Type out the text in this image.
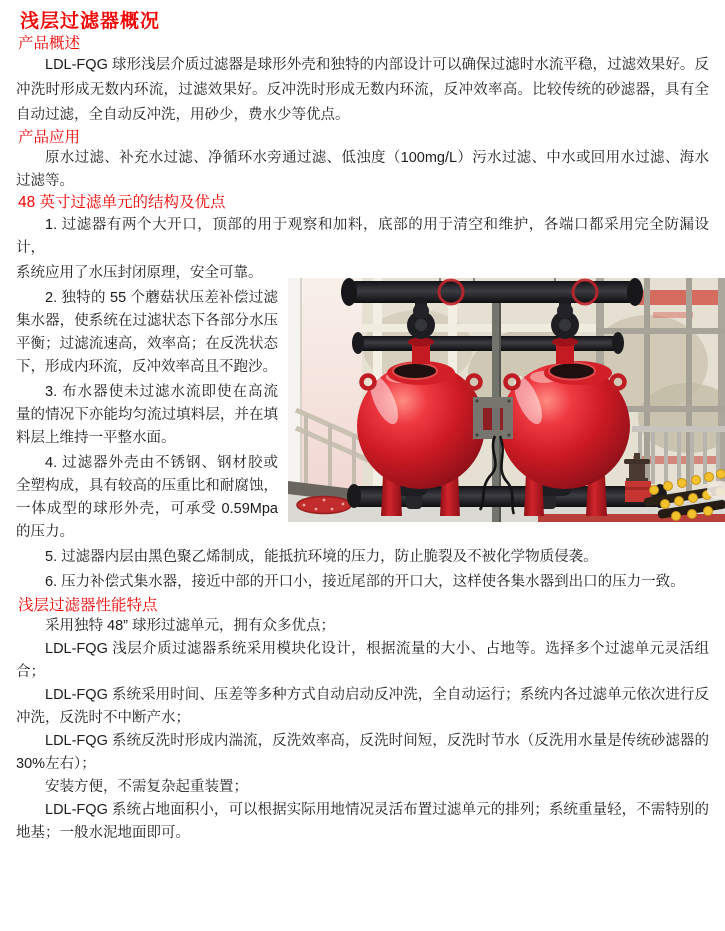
浅层过滤器概况
产品概述

LDL-FQG 球形浅层介质过滤器是球形外壳和独特的内部设计可以确保过滤时水流平稳，过滤效果好。反冲洗时形成无数内环流，过滤效果好。反冲洗时形成无数内环流，反冲效率高。比较传统的砂滤器，具有全自动过滤，全自动反冲洗，用砂少，费水少等优点。

产品应用

原水过滤、补充水过滤、净循环水旁通过滤、低浊度（100mg/L）污水过滤、中水或回用水过滤、海水过滤等。

48 英寸过滤单元的结构及优点

1. 过滤器有两个大开口，顶部的用于观察和加料，底部的用于清空和维护，各端口都采用完全防漏设计，

系统应用了水压封闭原理，安全可靠。

2. 独特的 55 个蘑菇状压差补偿过滤集水器，使系统在过滤状态下各部分水压平衡；过滤流速高，效率高；在反洗状态下，形成内环流，反冲效率高且不跑沙。

3. 布水器使未过滤水流即使在高流量的情况下亦能均匀流过填料层，并在填料层上维持一平整水面。

4. 过滤器外壳由不锈钢、钢材胶或全塑构成，具有较高的压重比和耐腐蚀，一体成型的球形外壳，可承受 0.59Mpa 的压力。

5. 过滤器内层由黑色聚乙烯制成，能抵抗环境的压力，防止脆裂及不被化学物质侵袭。

6. 压力补偿式集水器，接近中部的开口小，接近尾部的开口大，这样使各集水器到出口的压力一致。

浅层过滤器性能特点

采用独特 48” 球形过滤单元，拥有众多优点；

LDL-FQG 浅层介质过滤器系统采用模块化设计，根据流量的大小、占地等。选择多个过滤单元灵活组合；

LDL-FQG 系统采用时间、压差等多种方式自动启动反冲洗，全自动运行；系统内各过滤单元依次进行反冲洗，反洗时不中断产水；

LDL-FQG 系统反洗时形成内湍流，反洗效率高，反洗时间短，反洗时节水（反洗用水量是传统砂滤器的30%左右）；

安装方便，不需复杂起重装置；

LDL-FQG 系统占地面积小，可以根据实际用地情况灵活布置过滤单元的排列；系统重量轻，不需特别的地基；一般水泥地面即可。
